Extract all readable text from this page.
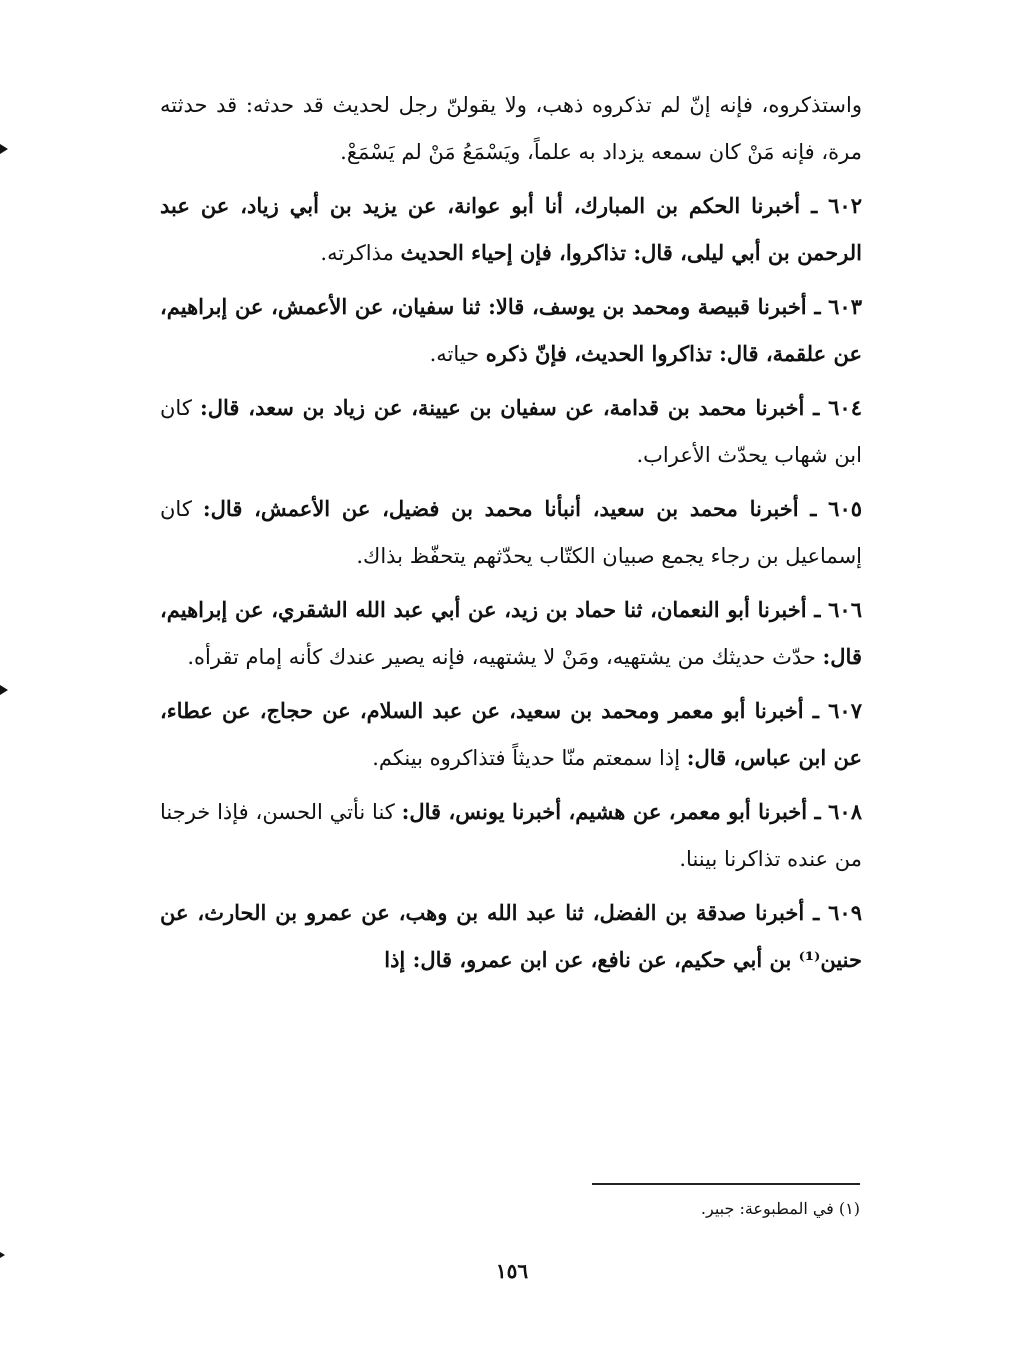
واستذكروه، فإنه إنّ لم تذكروه ذهب، ولا يقولنّ رجل لحديث قد حدثه: قد حدثته مرة، فإنه مَنْ كان سمعه يزداد به علماً، ويَسْمَعُ مَنْ لم يَسْمَعْ.

٦٠٢ ـ أخبرنا الحكم بن المبارك، أنا أبو عوانة، عن يزيد بن أبي زياد، عن عبد الرحمن بن أبي ليلى، قال: تذاكروا، فإن إحياء الحديث مذاكرته.

٦٠٣ ـ أخبرنا قبيصة ومحمد بن يوسف، قالا: ثنا سفيان، عن الأعمش، عن إبراهيم، عن علقمة، قال: تذاكروا الحديث، فإنّ ذكره حياته.

٦٠٤ ـ أخبرنا محمد بن قدامة، عن سفيان بن عيينة، عن زياد بن سعد، قال: كان ابن شهاب يحدّث الأعراب.

٦٠٥ ـ أخبرنا محمد بن سعيد، أنبأنا محمد بن فضيل، عن الأعمش، قال: كان إسماعيل بن رجاء يجمع صبيان الكتّاب يحدّثهم يتحفّظ بذاك.

٦٠٦ ـ أخبرنا أبو النعمان، ثنا حماد بن زيد، عن أبي عبد الله الشقري، عن إبراهيم، قال: حدّث حديثك من يشتهيه، ومَنْ لا يشتهيه، فإنه يصير عندك كأنه إمام تقرأه.

٦٠٧ ـ أخبرنا أبو معمر ومحمد بن سعيد، عن عبد السلام، عن حجاج، عن عطاء، عن ابن عباس، قال: إذا سمعتم منّا حديثاً فتذاكروه بينكم.

٦٠٨ ـ أخبرنا أبو معمر، عن هشيم، أخبرنا يونس، قال: كنا نأتي الحسن، فإذا خرجنا من عنده تذاكرنا بيننا.

٦٠٩ ـ أخبرنا صدقة بن الفضل، ثنا عبد الله بن وهب، عن عمرو بن الحارث، عن حنين⁽¹⁾ بن أبي حكيم، عن نافع، عن ابن عمرو، قال: إذا

(١) في المطبوعة: جبير.
١٥٦
